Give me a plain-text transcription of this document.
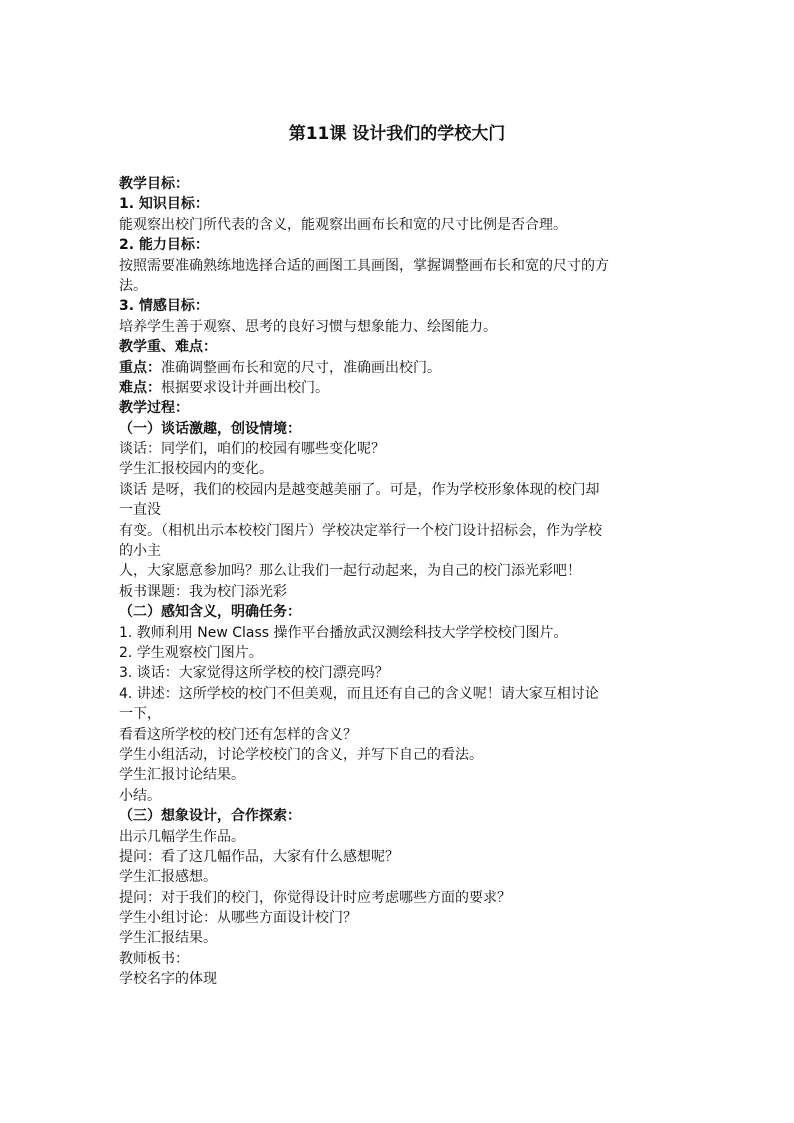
第11课 设计我们的学校大门
教学目标：
1. 知识目标：
能观察出校门所代表的含义，能观察出画布长和宽的尺寸比例是否合理。
2. 能力目标：
按照需要准确熟练地选择合适的画图工具画图，掌握调整画布长和宽的尺寸的方
法。
3. 情感目标：
培养学生善于观察、思考的良好习惯与想象能力、绘图能力。
教学重、难点：
重点：准确调整画布长和宽的尺寸，准确画出校门。
难点：根据要求设计并画出校门。
教学过程：
（一）谈话激趣，创设情境：
谈话：同学们，咱们的校园有哪些变化呢？
学生汇报校园内的变化。
谈话 是呀，我们的校园内是越变越美丽了。可是，作为学校形象体现的校门却
一直没
有变。（相机出示本校校门图片）学校决定举行一个校门设计招标会，作为学校
的小主
人，大家愿意参加吗？那么让我们一起行动起来，为自己的校门添光彩吧！
板书课题：我为校门添光彩
（二）感知含义，明确任务：
1. 教师利用 New Class 操作平台播放武汉测绘科技大学学校校门图片。
2. 学生观察校门图片。
3. 谈话：大家觉得这所学校的校门漂亮吗？
4. 讲述：这所学校的校门不但美观，而且还有自己的含义呢！请大家互相讨论
一下，
看看这所学校的校门还有怎样的含义？
学生小组活动，讨论学校校门的含义，并写下自己的看法。
学生汇报讨论结果。
小结。
（三）想象设计，合作探索：
出示几幅学生作品。
提问：看了这几幅作品，大家有什么感想呢？
学生汇报感想。
提问：对于我们的校门，你觉得设计时应考虑哪些方面的要求？
学生小组讨论：从哪些方面设计校门？
学生汇报结果。
教师板书：
学校名字的体现
